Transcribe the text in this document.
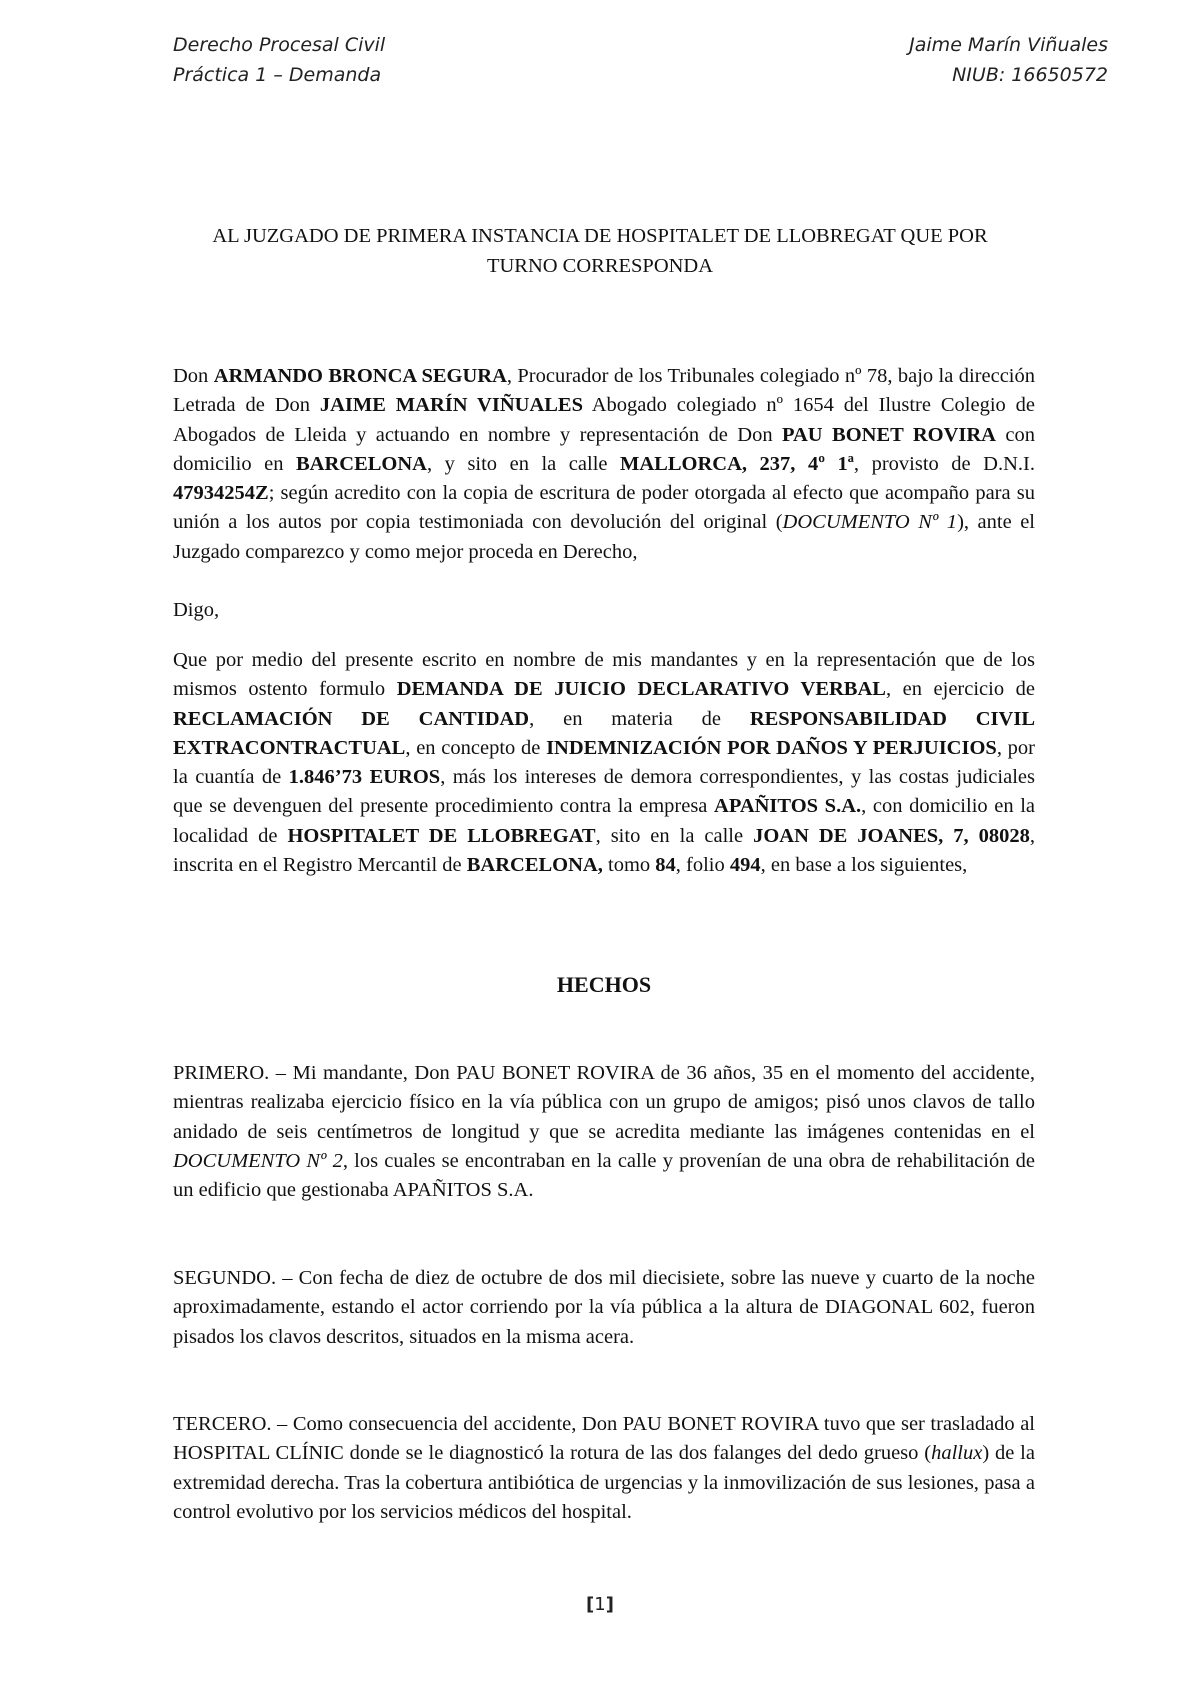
Derecho Procesal Civil
Práctica 1 – Demanda
Jaime Marín Viñuales
NIUB: 16650572
AL JUZGADO DE PRIMERA INSTANCIA DE HOSPITALET DE LLOBREGAT QUE POR
TURNO CORRESPONDA

Don ARMANDO BRONCA SEGURA, Procurador de los Tribunales colegiado nº 78, bajo la dirección Letrada de Don JAIME MARÍN VIÑUALES Abogado colegiado nº 1654 del Ilustre Colegio de Abogados de Lleida y actuando en nombre y representación de Don PAU BONET ROVIRA con domicilio en BARCELONA, y sito en la calle MALLORCA, 237, 4º 1ª, provisto de D.N.I. 47934254Z; según acredito con la copia de escritura de poder otorgada al efecto que acompaño para su unión a los autos por copia testimoniada con devolución del original (DOCUMENTO Nº 1), ante el Juzgado comparezco y como mejor proceda en Derecho,

Digo,

Que por medio del presente escrito en nombre de mis mandantes y en la representación que de los mismos ostento formulo DEMANDA DE JUICIO DECLARATIVO VERBAL, en ejercicio de RECLAMACIÓN DE CANTIDAD, en materia de RESPONSABILIDAD CIVIL EXTRACONTRACTUAL, en concepto de INDEMNIZACIÓN POR DAÑOS Y PERJUICIOS, por la cuantía de 1.846’73 EUROS, más los intereses de demora correspondientes, y las costas judiciales que se devenguen del presente procedimiento contra la empresa APAÑITOS S.A., con domicilio en la localidad de HOSPITALET DE LLOBREGAT, sito en la calle JOAN DE JOANES, 7, 08028, inscrita en el Registro Mercantil de BARCELONA, tomo 84, folio 494, en base a los siguientes,

HECHOS

PRIMERO. – Mi mandante, Don PAU BONET ROVIRA de 36 años, 35 en el momento del accidente, mientras realizaba ejercicio físico en la vía pública con un grupo de amigos; pisó unos clavos de tallo anidado de seis centímetros de longitud y que se acredita mediante las imágenes contenidas en el DOCUMENTO Nº 2, los cuales se encontraban en la calle y provenían de una obra de rehabilitación de un edificio que gestionaba APAÑITOS S.A.

SEGUNDO. – Con fecha de diez de octubre de dos mil diecisiete, sobre las nueve y cuarto de la noche aproximadamente, estando el actor corriendo por la vía pública a la altura de DIAGONAL 602, fueron pisados los clavos descritos, situados en la misma acera.

TERCERO. – Como consecuencia del accidente, Don PAU BONET ROVIRA tuvo que ser trasladado al HOSPITAL CLÍNIC donde se le diagnosticó la rotura de las dos falanges del dedo grueso (hallux) de la extremidad derecha. Tras la cobertura antibiótica de urgencias y la inmovilización de sus lesiones, pasa a control evolutivo por los servicios médicos del hospital.

[1]
